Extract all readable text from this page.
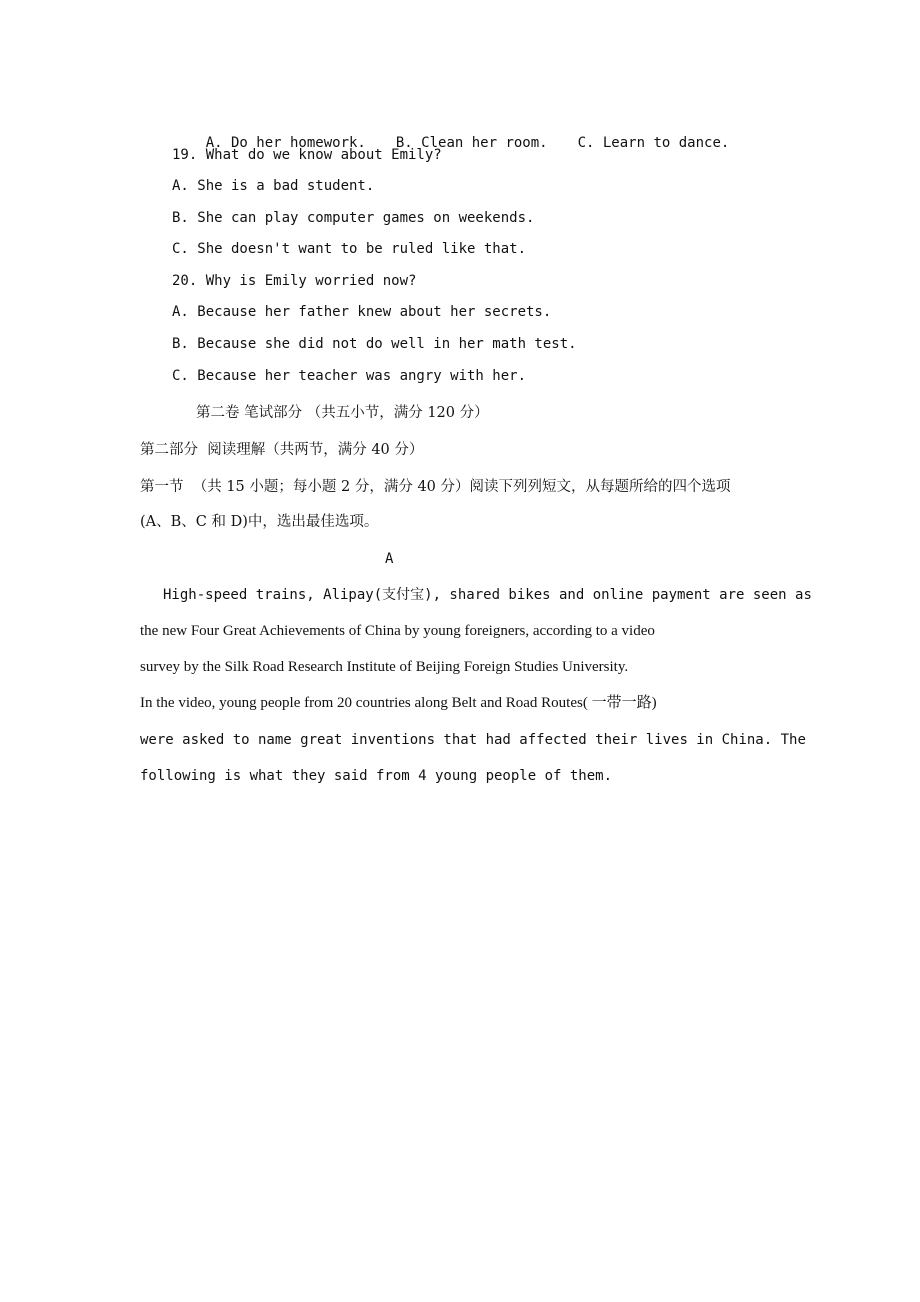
A. Do her homework. B. Clean her room. C. Learn to dance.

19. What do we know about Emily?
A. She is a bad student.
B. She can play computer games on weekends.
C. She doesn't want to be ruled like that.
20. Why is Emily worried now?
A. Because her father knew about her secrets.
B. Because she did not do well in her math test.
C. Because her teacher was angry with her.
第二卷 笔试部分 （共五小节，满分 120 分）
第二部分  阅读理解（共两节，满分 40 分）
第一节  （共 15 小题；每小题 2 分，满分 40 分）阅读下列列短文，从每题所给的四个选项
(A、B、C 和 D)中，选出最佳选项。
A
High-speed trains, Alipay(支付宝), shared bikes and online payment are seen as
the new Four Great Achievements of China by young foreigners, according to a video
survey by the Silk Road Research Institute of Beijing Foreign Studies University.
In the video, young people from 20 countries along Belt and Road Routes( 一带一路)
were asked to name great inventions that had affected their lives in China. The
following is what they said from 4 young people of them.
